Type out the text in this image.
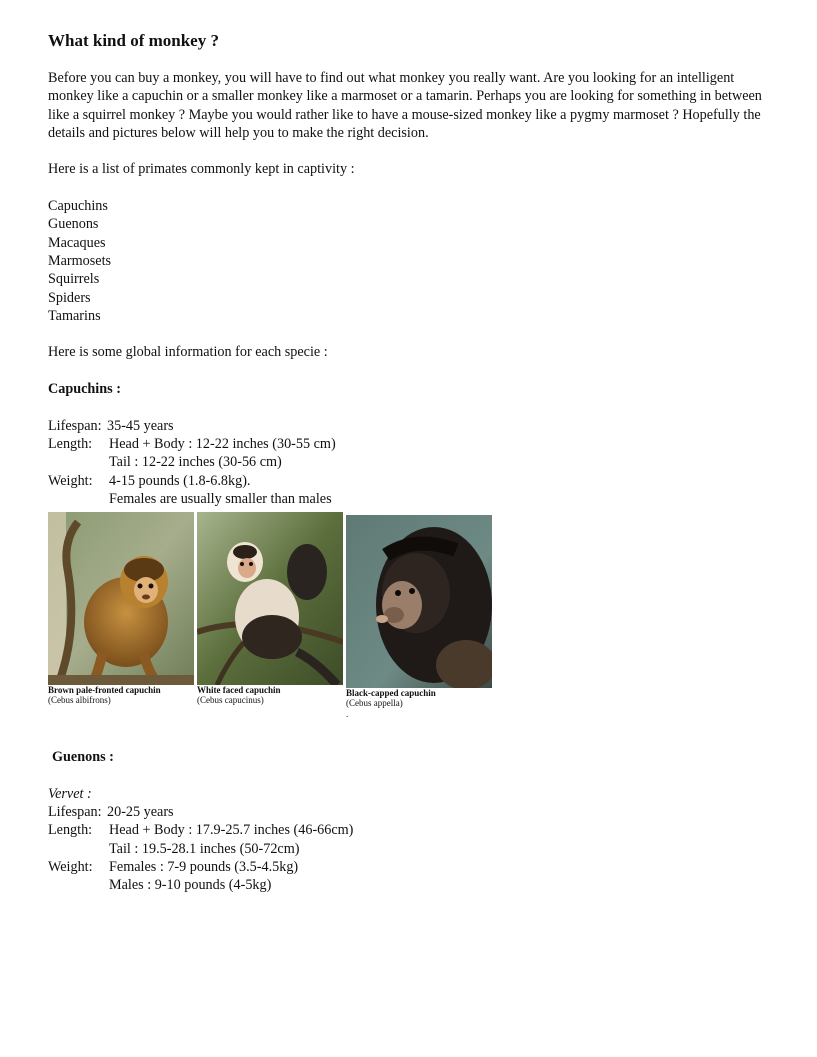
What kind of monkey ?

Before you can buy a monkey, you will have to find out what monkey you really want. Are you looking for an intelligent monkey like a capuchin or a smaller monkey like a marmoset or a tamarin. Perhaps you are looking for something in between like a squirrel monkey ? Maybe you would rather like to have a mouse-sized monkey like a pygmy marmoset ? Hopefully the details and pictures below will help you to make the right decision.

Here is a list of primates commonly kept in captivity :

Capuchins
Guenons
Macaques
Marmosets
Squirrels
Spiders
Tamarins

Here is some global information for each specie :

Capuchins :

Lifespan: 35-45 years
Length:	Head + Body : 12-22 inches (30-55 cm)
Tail : 12-22 inches (30-56 cm)
Weight:	4-15 pounds (1.8-6.8kg).
Females are usually smaller than males
Brown pale-fronted capuchin
(Cebus albifrons)
White faced capuchin
(Cebus capucinus)
Black-capped capuchin
(Cebus appella)
.

Guenons :

Vervet :
Lifespan: 20-25 years
Length:	Head + Body : 17.9-25.7 inches (46-66cm)
Tail : 19.5-28.1 inches (50-72cm)
Weight:	Females : 7-9 pounds (3.5-4.5kg)
Males : 9-10 pounds (4-5kg)
